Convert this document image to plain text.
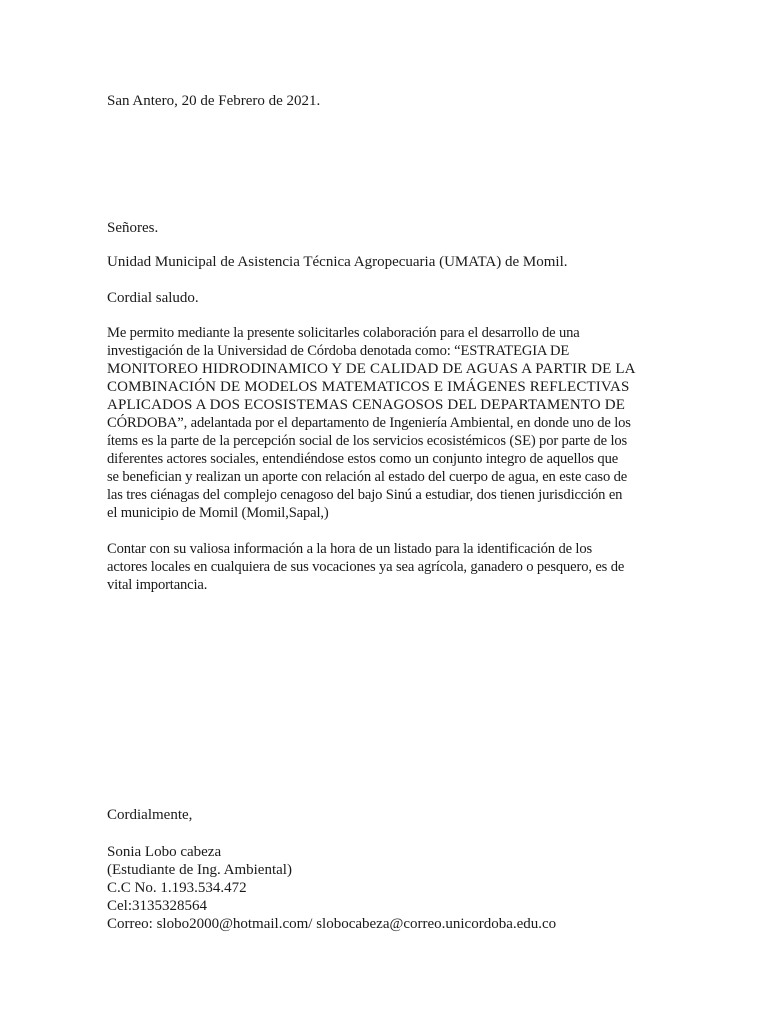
San Antero, 20 de Febrero de 2021.

Señores.

Unidad Municipal de Asistencia Técnica Agropecuaria (UMATA) de Momil.

Cordial saludo.

Me permito mediante la presente solicitarles colaboración para el desarrollo de una
investigación de la Universidad de Córdoba denotada como: “ESTRATEGIA DE
MONITOREO HIDRODINAMICO Y DE CALIDAD DE AGUAS A PARTIR DE LA
COMBINACIÓN DE MODELOS MATEMATICOS E IMÁGENES REFLECTIVAS
APLICADOS A DOS ECOSISTEMAS CENAGOSOS DEL DEPARTAMENTO DE
CÓRDOBA”, adelantada por el departamento de Ingeniería Ambiental, en donde uno de los
ítems es la parte de la percepción social de los servicios ecosistémicos (SE) por parte de los
diferentes actores sociales, entendiéndose estos como un conjunto integro de aquellos que
se benefician y realizan un aporte con relación al estado del cuerpo de agua, en este caso de
las tres ciénagas del complejo cenagoso del bajo Sinú a estudiar, dos tienen jurisdicción en
el municipio de Momil (Momil,Sapal,)
Contar con su valiosa información a la hora de un listado para la identificación de los
actores locales en cualquiera de sus vocaciones ya sea agrícola, ganadero o pesquero, es de
vital importancia.

Cordialmente,

Sonia Lobo cabeza
(Estudiante de Ing. Ambiental)
C.C No. 1.193.534.472
Cel:3135328564
Correo: slobo2000@hotmail.com/ slobocabeza@correo.unicordoba.edu.co
